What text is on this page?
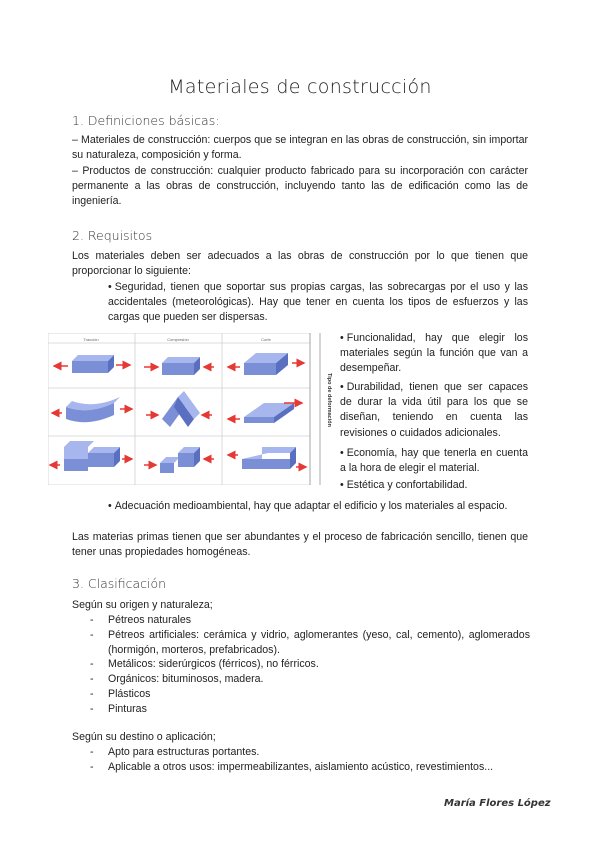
Materiales de construcción
1. Definiciones básicas:
– Materiales de construcción: cuerpos que se integran en las obras de construcción, sin importar su naturaleza, composición y forma.
– Productos de construcción: cualquier producto fabricado para su incorporación con carácter permanente a las obras de construcción, incluyendo tanto las de edificación como las de ingeniería.
2. Requisitos
Los materiales deben ser adecuados a las obras de construcción por lo que tienen que proporcionar lo siguiente:
• Seguridad, tienen que soportar sus propias cargas, las sobrecargas por el uso y las accidentales (meteorológicas). Hay que tener en cuenta los tipos de esfuerzos y las cargas que pueden ser dispersas.
Tracción	Compresión	Corte
Tipo de deformación
• Funcionalidad, hay que elegir los materiales según la función que van a desempeñar.
• Durabilidad, tienen que ser capaces de durar la vida útil para los que se diseñan, teniendo en cuenta las revisiones o cuidados adicionales.
• Economía, hay que tenerla en cuenta a la hora de elegir el material.
• Estética y confortabilidad.
• Adecuación medioambiental, hay que adaptar el edificio y los materiales al espacio.
Las materias primas tienen que ser abundantes y el proceso de fabricación sencillo, tienen que tener unas propiedades homogéneas.
3. Clasificación
Según su origen y naturaleza;
- Pétreos naturales
- Pétreos artificiales: cerámica y vidrio, aglomerantes (yeso, cal, cemento), aglomerados (hormigón, morteros, prefabricados).
- Metálicos: siderúrgicos (férricos), no férricos.
- Orgánicos: bituminosos, madera.
- Plásticos
- Pinturas
Según su destino o aplicación;
- Apto para estructuras portantes.
- Aplicable a otros usos: impermeabilizantes, aislamiento acústico, revestimientos...
María Flores López
